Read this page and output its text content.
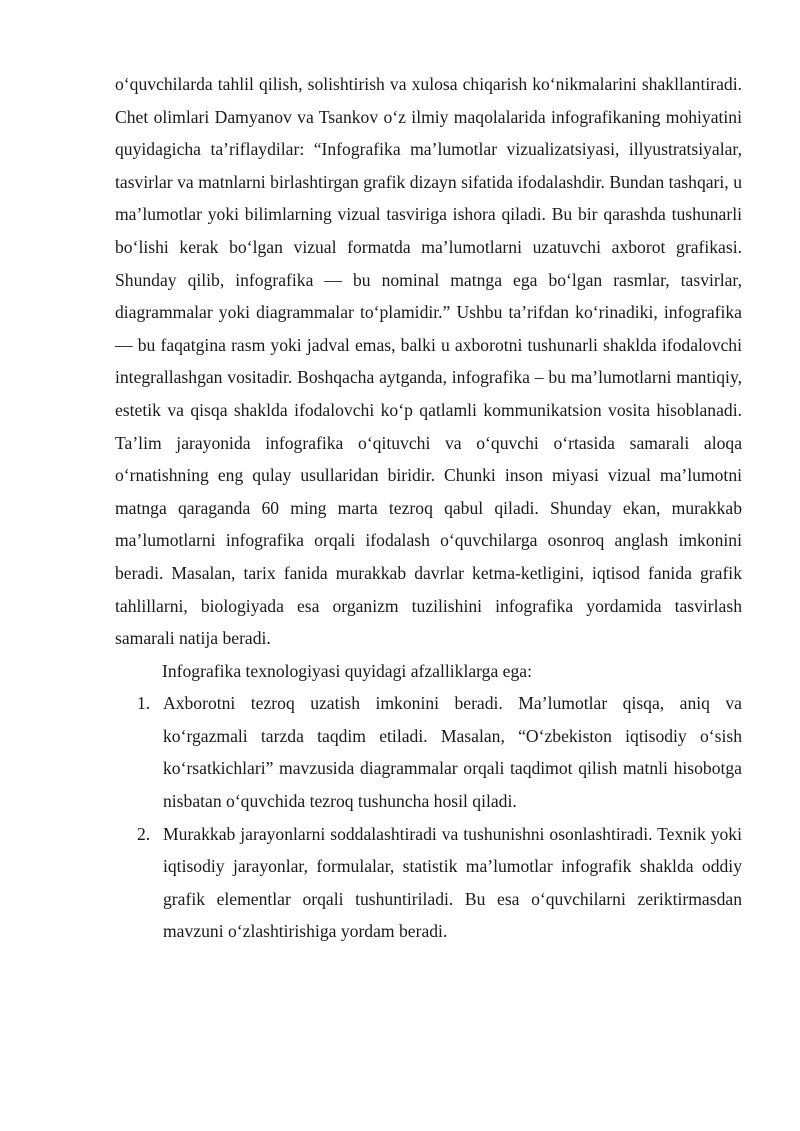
o‘quvchilarda tahlil qilish, solishtirish va xulosa chiqarish ko‘nikmalarini shakllantiradi. Chet olimlari Damyanov va Tsankov o‘z ilmiy maqolalarida infografikaning mohiyatini quyidagicha ta’riflaydilar: “Infografika ma’lumotlar vizualizatsiyasi, illyustratsiyalar, tasvirlar va matnlarni birlashtirgan grafik dizayn sifatida ifodalashdir. Bundan tashqari, u ma’lumotlar yoki bilimlarning vizual tasviriga ishora qiladi. Bu bir qarashda tushunarli bo‘lishi kerak bo‘lgan vizual formatda ma’lumotlarni uzatuvchi axborot grafikasi. Shunday qilib, infografika — bu nominal matnga ega bo‘lgan rasmlar, tasvirlar, diagrammalar yoki diagrammalar to‘plamidir.” Ushbu ta’rifdan ko‘rinadiki, infografika — bu faqatgina rasm yoki jadval emas, balki u axborotni tushunarli shaklda ifodalovchi integrallashgan vositadir. Boshqacha aytganda, infografika – bu ma’lumotlarni mantiqiy, estetik va qisqa shaklda ifodalovchi ko‘p qatlamli kommunikatsion vosita hisoblanadi. Ta’lim jarayonida infografika o‘qituvchi va o‘quvchi o‘rtasida samarali aloqa o‘rnatishning eng qulay usullaridan biridir. Chunki inson miyasi vizual ma’lumotni matnga qaraganda 60 ming marta tezroq qabul qiladi. Shunday ekan, murakkab ma’lumotlarni infografika orqali ifodalash o‘quvchilarga osonroq anglash imkonini beradi. Masalan, tarix fanida murakkab davrlar ketma-ketligini, iqtisod fanida grafik tahlillarni, biologiyada esa organizm tuzilishini infografika yordamida tasvirlash samarali natija beradi.

Infografika texnologiyasi quyidagi afzalliklarga ega:

1. Axborotni tezroq uzatish imkonini beradi. Ma’lumotlar qisqa, aniq va ko‘rgazmali tarzda taqdim etiladi. Masalan, “O‘zbekiston iqtisodiy o‘sish ko‘rsatkichlari” mavzusida diagrammalar orqali taqdimot qilish matnli hisobotga nisbatan o‘quvchida tezroq tushuncha hosil qiladi.
2. Murakkab jarayonlarni soddalashtiradi va tushunishni osonlashtiradi. Texnik yoki iqtisodiy jarayonlar, formulalar, statistik ma’lumotlar infografik shaklda oddiy grafik elementlar orqali tushuntiriladi. Bu esa o‘quvchilarni zeriktirmasdan mavzuni o‘zlashtirishiga yordam beradi.
